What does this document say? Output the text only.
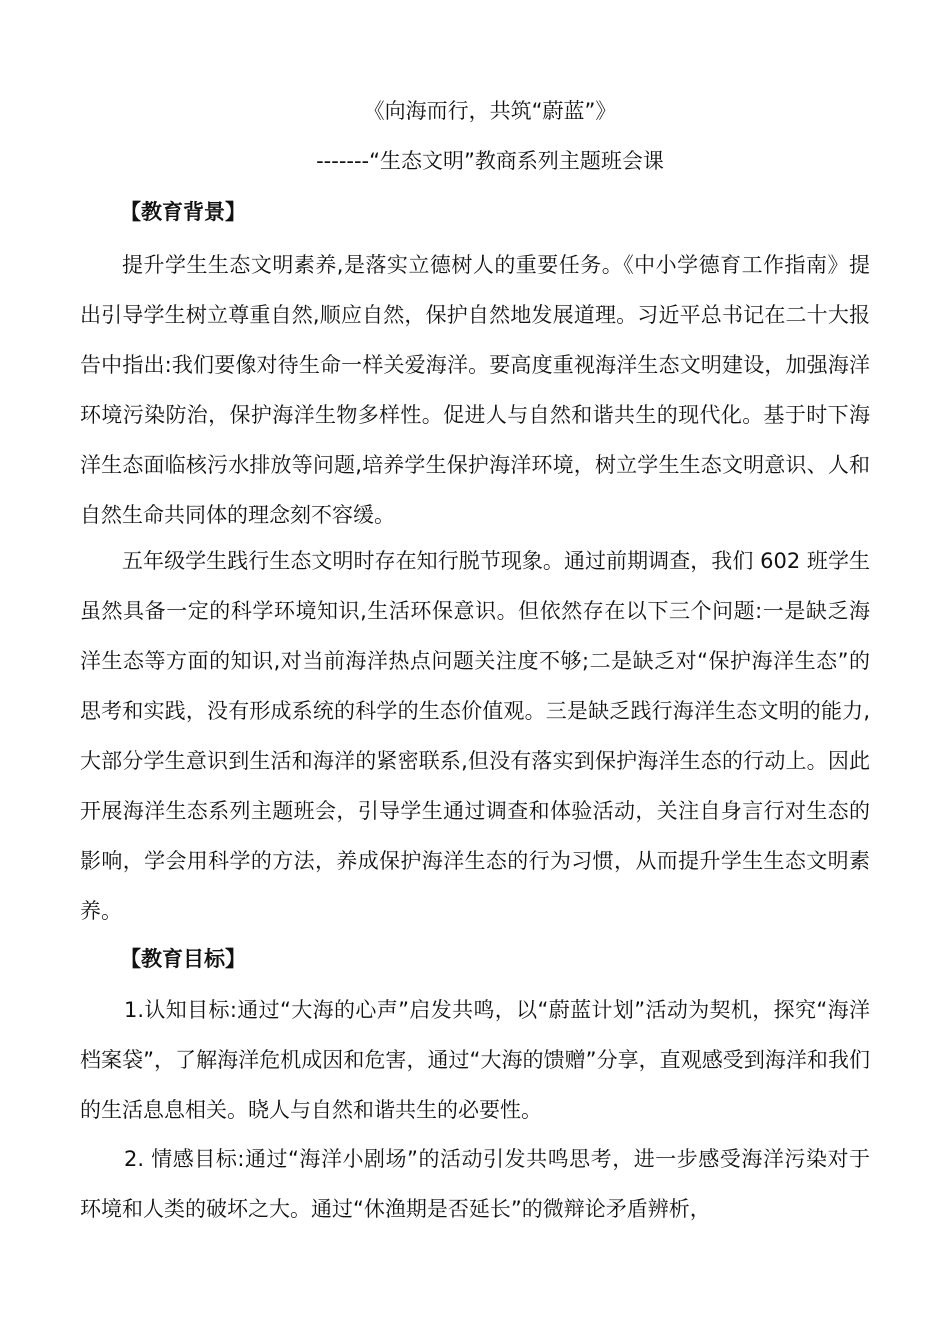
《向海而行，共筑“蔚蓝”》
-------“生态文明”教商系列主题班会课
【教育背景】

提升学生生态文明素养,是落实立德树人的重要任务。《中小学德育工作指南》提出引导学生树立尊重自然,顺应自然，保护自然地发展道理。习近平总书记在二十大报告中指出:我们要像对待生命一样关爱海洋。要高度重视海洋生态文明建设，加强海洋环境污染防治，保护海洋生物多样性。促进人与自然和谐共生的现代化。基于时下海洋生态面临核污水排放等问题,培养学生保护海洋环境，树立学生生态文明意识、人和自然生命共同体的理念刻不容缓。

五年级学生践行生态文明时存在知行脱节现象。通过前期调查，我们 602 班学生虽然具备一定的科学环境知识,生活环保意识。但依然存在以下三个问题:一是缺乏海洋生态等方面的知识,对当前海洋热点问题关注度不够;二是缺乏对“保护海洋生态”的思考和实践，没有形成系统的科学的生态价值观。三是缺乏践行海洋生态文明的能力,大部分学生意识到生活和海洋的紧密联系,但没有落实到保护海洋生态的行动上。因此开展海洋生态系列主题班会，引导学生通过调查和体验活动，关注自身言行对生态的影响，学会用科学的方法，养成保护海洋生态的行为习惯，从而提升学生生态文明素养。

【教育目标】

1.认知目标:通过“大海的心声”启发共鸣，以“蔚蓝计划”活动为契机，探究“海洋档案袋”，了解海洋危机成因和危害，通过“大海的馈赠”分享，直观感受到海洋和我们的生活息息相关。晓人与自然和谐共生的必要性。

2. 情感目标:通过“海洋小剧场”的活动引发共鸣思考，进一步感受海洋污染对于环境和人类的破坏之大。通过“休渔期是否延长”的微辩论矛盾辨析，
